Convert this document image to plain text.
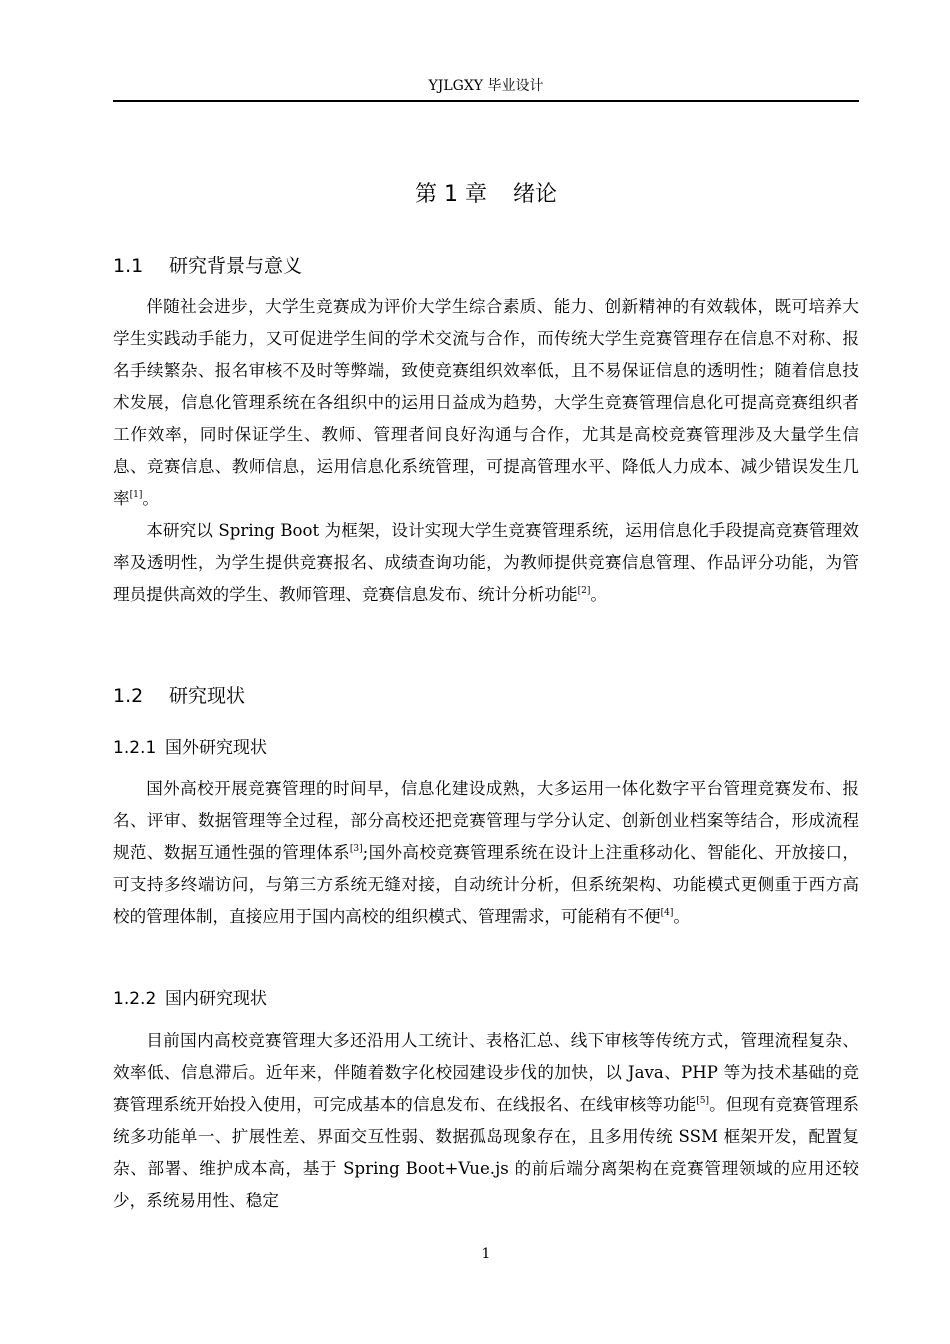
YJLGXY 毕业设计
第 1 章 绪论
1.1 研究背景与意义

伴随社会进步，大学生竞赛成为评价大学生综合素质、能力、创新精神的有效载体，既可培养大学生实践动手能力，又可促进学生间的学术交流与合作，而传统大学生竞赛管理存在信息不对称、报名手续繁杂、报名审核不及时等弊端，致使竞赛组织效率低，且不易保证信息的透明性；随着信息技术发展，信息化管理系统在各组织中的运用日益成为趋势，大学生竞赛管理信息化可提高竞赛组织者工作效率，同时保证学生、教师、管理者间良好沟通与合作，尤其是高校竞赛管理涉及大量学生信息、竞赛信息、教师信息，运用信息化系统管理，可提高管理水平、降低人力成本、减少错误发生几率[1]。

本研究以 Spring Boot 为框架，设计实现大学生竞赛管理系统，运用信息化手段提高竞赛管理效率及透明性，为学生提供竞赛报名、成绩查询功能，为教师提供竞赛信息管理、作品评分功能，为管理员提供高效的学生、教师管理、竞赛信息发布、统计分析功能[2]。

1.2 研究现状
1.2.1 国外研究现状

国外高校开展竞赛管理的时间早，信息化建设成熟，大多运用一体化数字平台管理竞赛发布、报名、评审、数据管理等全过程，部分高校还把竞赛管理与学分认定、创新创业档案等结合，形成流程规范、数据互通性强的管理体系[3];国外高校竞赛管理系统在设计上注重移动化、智能化、开放接口，可支持多终端访问，与第三方系统无缝对接，自动统计分析，但系统架构、功能模式更侧重于西方高校的管理体制，直接应用于国内高校的组织模式、管理需求，可能稍有不便[4]。

1.2.2 国内研究现状

目前国内高校竞赛管理大多还沿用人工统计、表格汇总、线下审核等传统方式，管理流程复杂、效率低、信息滞后。近年来，伴随着数字化校园建设步伐的加快，以 Java、PHP 等为技术基础的竞赛管理系统开始投入使用，可完成基本的信息发布、在线报名、在线审核等功能[5]。但现有竞赛管理系统多功能单一、扩展性差、界面交互性弱、数据孤岛现象存在，且多用传统 SSM 框架开发，配置复杂、部署、维护成本高，基于 Spring Boot+Vue.js 的前后端分离架构在竞赛管理领域的应用还较少，系统易用性、稳定

1
